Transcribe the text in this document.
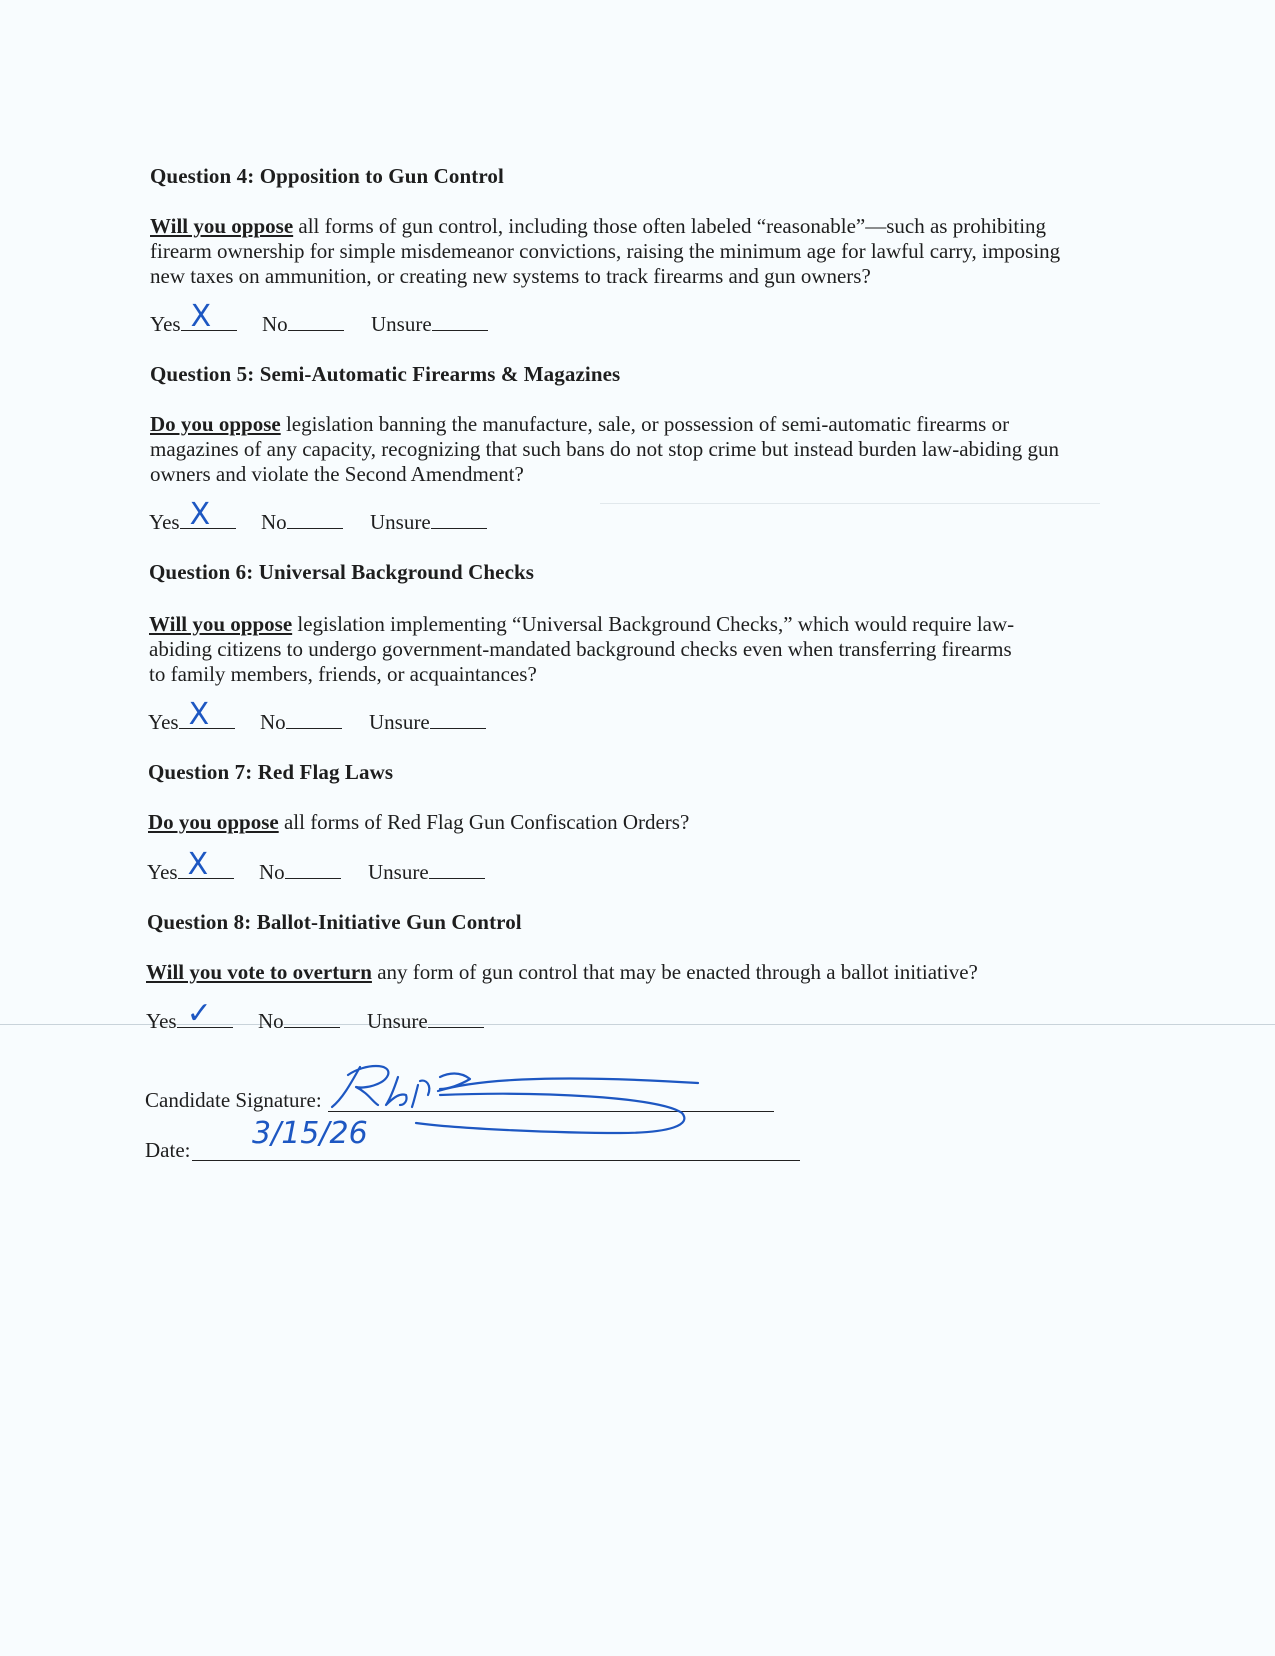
Question 4: Opposition to Gun Control
Will you oppose all forms of gun control, including those often labeled “reasonable”—such as prohibiting firearm ownership for simple misdemeanor convictions, raising the minimum age for lawful carry, imposing new taxes on ammunition, or creating new systems to track firearms and gun owners?
Yes X No	Unsure
Question 5: Semi-Automatic Firearms & Magazines
Do you oppose legislation banning the manufacture, sale, or possession of semi-automatic firearms or magazines of any capacity, recognizing that such bans do not stop crime but instead burden law-abiding gun owners and violate the Second Amendment?
Yes X No	Unsure
Question 6: Universal Background Checks
Will you oppose legislation implementing “Universal Background Checks,” which would require law-abiding citizens to undergo government-mandated background checks even when transferring firearms to family members, friends, or acquaintances?
Yes X No	Unsure
Question 7: Red Flag Laws
Do you oppose all forms of Red Flag Gun Confiscation Orders?
Yes X No	Unsure
Question 8: Ballot-Initiative Gun Control
Will you vote to overturn any form of gun control that may be enacted through a ballot initiative?
Yes ✓ No	Unsure
Candidate Signature:
Date: 3/15/26
